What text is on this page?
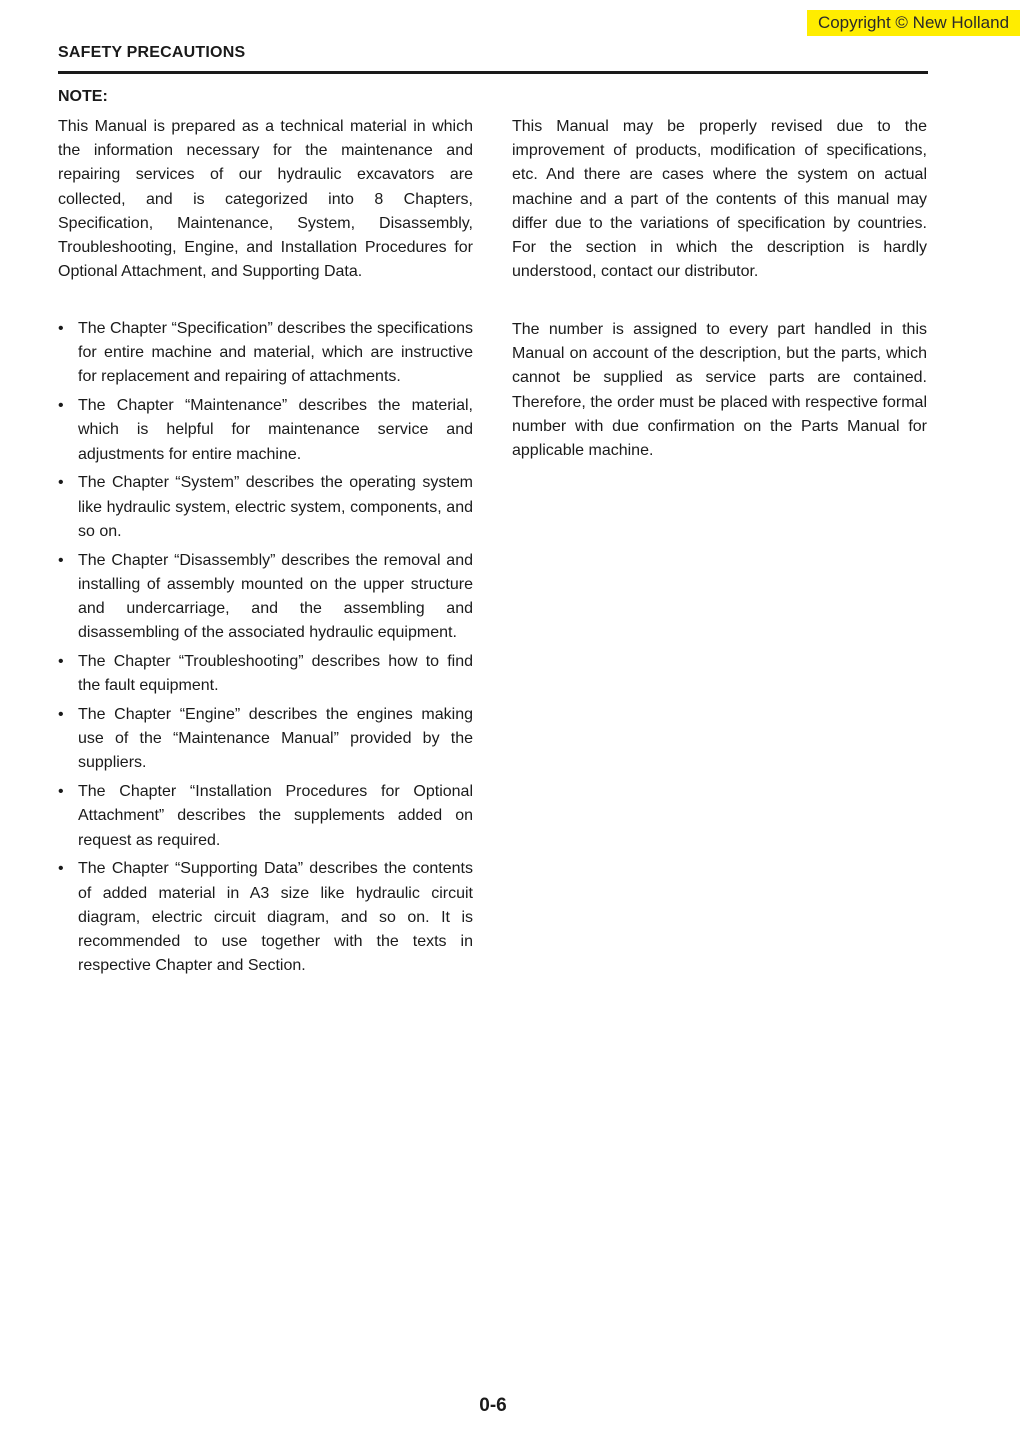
Copyright © New Holland
SAFETY PRECAUTIONS
NOTE:

This Manual is prepared as a technical material in which the information necessary for the maintenance and repairing services of our hydraulic excavators are collected, and is categorized into 8 Chapters, Specification, Maintenance, System, Disassembly, Troubleshooting, Engine, and Installation Procedures for Optional Attachment, and Supporting Data.

This Manual may be properly revised due to the improvement of products, modification of specifications, etc. And there are cases where the system on actual machine and a part of the contents of this manual may differ due to the variations of specification by countries. For the section in which the description is hardly understood, contact our distributor.

• The Chapter “Specification” describes the specifications for entire machine and material, which are instructive for replacement and repairing of attachments.
• The Chapter “Maintenance” describes the material, which is helpful for maintenance service and adjustments for entire machine.
• The Chapter “System” describes the operating system like hydraulic system, electric system, components, and so on.
• The Chapter “Disassembly” describes the removal and installing of assembly mounted on the upper structure and undercarriage, and the assembling and disassembling of the associated hydraulic equipment.
• The Chapter “Troubleshooting” describes how to find the fault equipment.
• The Chapter “Engine” describes the engines making use of the “Maintenance Manual” provided by the suppliers.
• The Chapter “Installation Procedures for Optional Attachment” describes the supplements added on request as required.
• The Chapter “Supporting Data” describes the contents of added material in A3 size like hydraulic circuit diagram, electric circuit diagram, and so on. It is recommended to use together with the texts in respective Chapter and Section.

The number is assigned to every part handled in this Manual on account of the description, but the parts, which cannot be supplied as service parts are contained. Therefore, the order must be placed with respective formal number with due confirmation on the Parts Manual for applicable machine.

0-6
